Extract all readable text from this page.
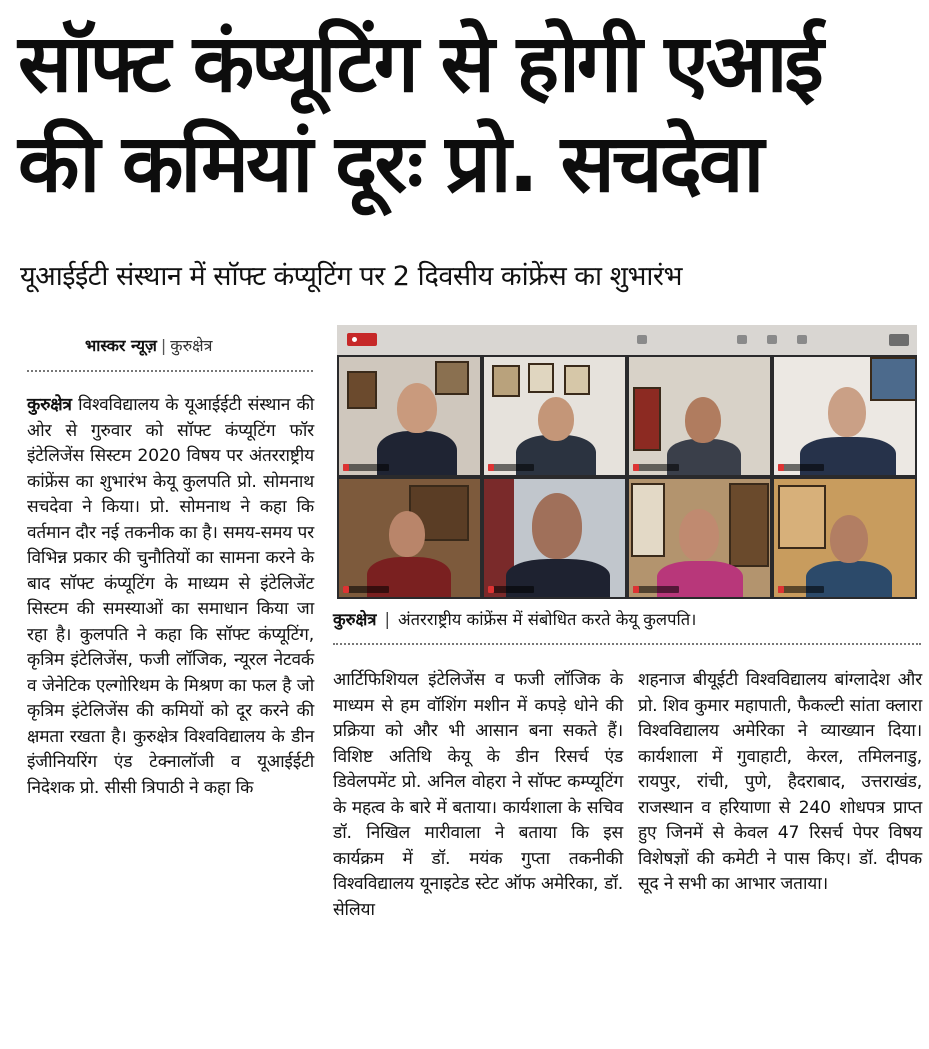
सॉफ्ट कंप्यूटिंग से होगी एआई
की कमियां दूरः प्रो. सचदेवा
यूआईईटी संस्थान में सॉफ्ट कंप्यूटिंग पर 2 दिवसीय कांफ्रेंस का शुभारंभ
भास्कर न्यूज़ | कुरुक्षेत्र
कुरुक्षेत्र विश्वविद्यालय के यूआईईटी संस्थान की ओर से गुरुवार को सॉफ्ट कंप्यूटिंग फॉर इंटेलिजेंस सिस्टम 2020 विषय पर अंतरराष्ट्रीय कांफ्रेंस का शुभारंभ केयू कुलपति प्रो. सोमनाथ सचदेवा ने किया। प्रो. सोमनाथ ने कहा कि वर्तमान दौर नई तकनीक का है। समय-समय पर विभिन्न प्रकार की चुनौतियों का सामना करने के बाद सॉफ्ट कंप्यूटिंग के माध्यम से इंटेलिजेंट सिस्टम की समस्याओं का समाधान किया जा रहा है। कुलपति ने कहा कि सॉफ्ट कंप्यूटिंग, कृत्रिम इंटेलिजेंस, फजी लॉजिक, न्यूरल नेटवर्क व जेनेटिक एल्गोरिथम के मिश्रण का फल है जो कृत्रिम इंटेलिजेंस की कमियों को दूर करने की क्षमता रखता है। कुरुक्षेत्र विश्वविद्यालय के डीन इंजीनियरिंग एंड टेक्नालॉजी व यूआईईटी निदेशक प्रो. सीसी त्रिपाठी ने कहा कि
कुरुक्षेत्र | अंतरराष्ट्रीय कांफ्रेंस में संबोधित करते केयू कुलपति।
आर्टिफिशियल इंटेलिजेंस व फजी लॉजिक के माध्यम से हम वॉशिंग मशीन में कपड़े धोने की प्रक्रिया को और भी आसान बना सकते हैं। विशिष्ट अतिथि केयू के डीन रिसर्च एंड डिवेलपमेंट प्रो. अनिल वोहरा ने सॉफ्ट कम्प्यूटिंग के महत्व के बारे में बताया। कार्यशाला के सचिव डॉ. निखिल मारीवाला ने बताया कि इस कार्यक्रम में डॉ. मयंक गुप्ता तकनीकी विश्वविद्यालय यूनाइटेड स्टेट ऑफ अमेरिका, डॉ. सेलिया
शहनाज बीयूईटी विश्वविद्यालय बांग्लादेश और प्रो. शिव कुमार महापाती, फैकल्टी सांता क्लारा विश्वविद्यालय अमेरिका ने व्याख्यान दिया। कार्यशाला में गुवाहाटी, केरल, तमिलनाडु, रायपुर, रांची, पुणे, हैदराबाद, उत्तराखंड, राजस्थान व हरियाणा से 240 शोधपत्र प्राप्त हुए जिनमें से केवल 47 रिसर्च पेपर विषय विशेषज्ञों की कमेटी ने पास किए। डॉ. दीपक सूद ने सभी का आभार जताया।
